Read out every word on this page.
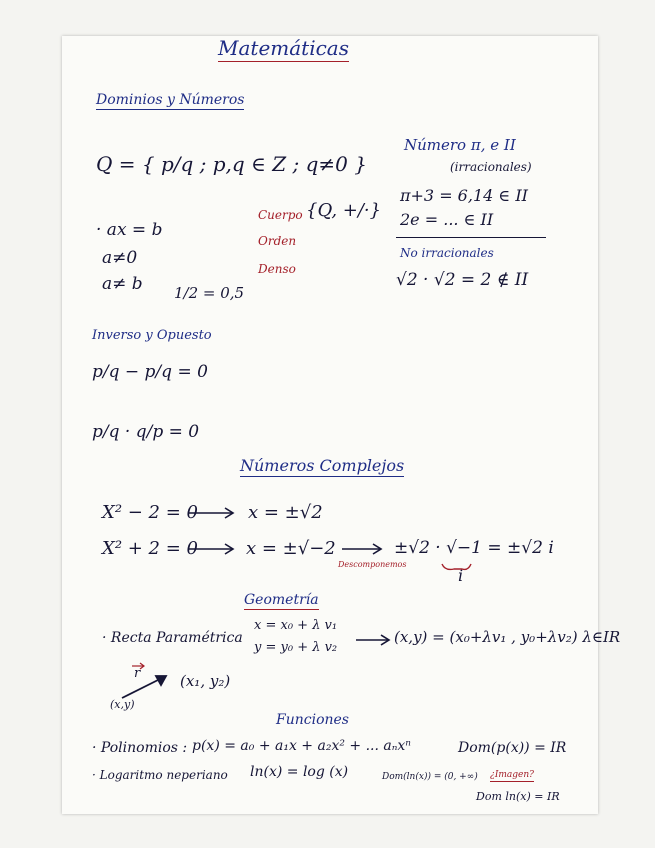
Matemáticas
Dominios y Números
Q = { p/q ; p,q ∈ Z ; q≠0 }
· ax = b
a≠0
a≠ b 1/2 = 0,5
Cuerpo {Q, +/·}
Orden
Denso
Número π, e II
(irracionales)
π+3 = 6,14 ∈ II
2e = ... ∈ II
No irracionales
√2 · √2 = 2 ∉ II
Inverso y Opuesto
p/q − p/q = 0
p/q · q/p = 0
Números Complejos
X² − 2 = 0	x = ±√2
X² + 2 = 0	x = ±√−2	±√2 · √−1 = ±√2 i
Descomponemos
i
Geometría
· Recta Paramétrica
x = x₀ + λ v₁
y = y₀ + λ v₂
(x,y) = (x₀+λv₁ , y₀+λv₂) λ∈IR
r	(x₁, y₂)
(x,y)
Funciones
· Polinomios : p(x) = a₀ + a₁x + a₂x² + ... aₙxⁿ	Dom(p(x)) = IR
· Logaritmo neperiano ln(x) = log (x)	Dom(ln(x)) = (0, +∞) ¿Imagen?
Dom ln(x) = IR
